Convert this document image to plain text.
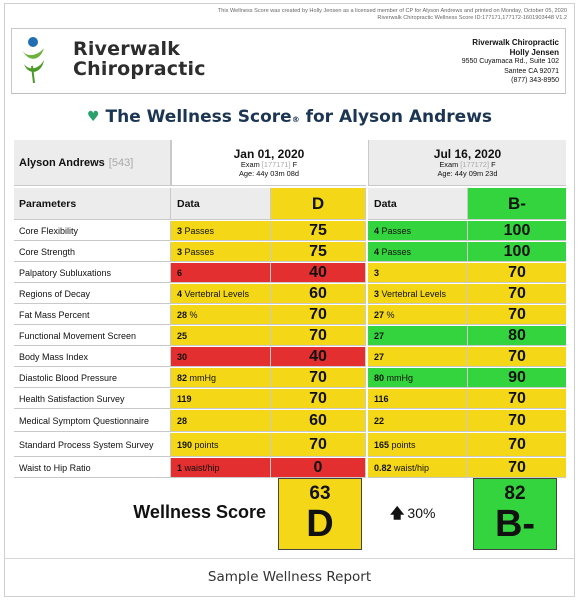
This Wellness Score was created by Holly Jensen as a licensed member of CP for Alyson Andrews and printed on Monday, October 05, 2020
Riverwalk Chiropractic Wellness Score ID:177171,177172-1601903448 V1.2
Riverwalk
Chiropractic
Riverwalk Chiropractic
Holly Jensen
9550 Cuyamaca Rd., Suite 102
Santee CA 92071
(877) 343-8950
♥ The Wellness Score® for Alyson Andrews
Alyson Andrews [543]
Jan 01, 2020
Exam [177171] F
Age: 44y 03m 08d
Jul 16, 2020
Exam [177172] F
Age: 44y 09m 23d
Parameters	Data	D	Data	B-
Core Flexibility	3 Passes	75	4 Passes	100
Core Strength	3 Passes	75	4 Passes	100
Palpatory Subluxations	6	40	3	70
Regions of Decay	4 Vertebral Levels	60	3 Vertebral Levels	70
Fat Mass Percent	28 %	70	27 %	70
Functional Movement Screen	25	70	27	80
Body Mass Index	30	40	27	70
Diastolic Blood Pressure	82 mmHg	70	80 mmHg	90
Health Satisfaction Survey	119	70	116	70
Medical Symptom Questionnaire	28	60	22	70
Standard Process System Survey	190 points	70	165 points	70
Waist to Hip Ratio	1 waist/hip	0	0.82 waist/hip	70
Wellness Score
63
D	🡅 30%
82
B-
Sample Wellness Report
